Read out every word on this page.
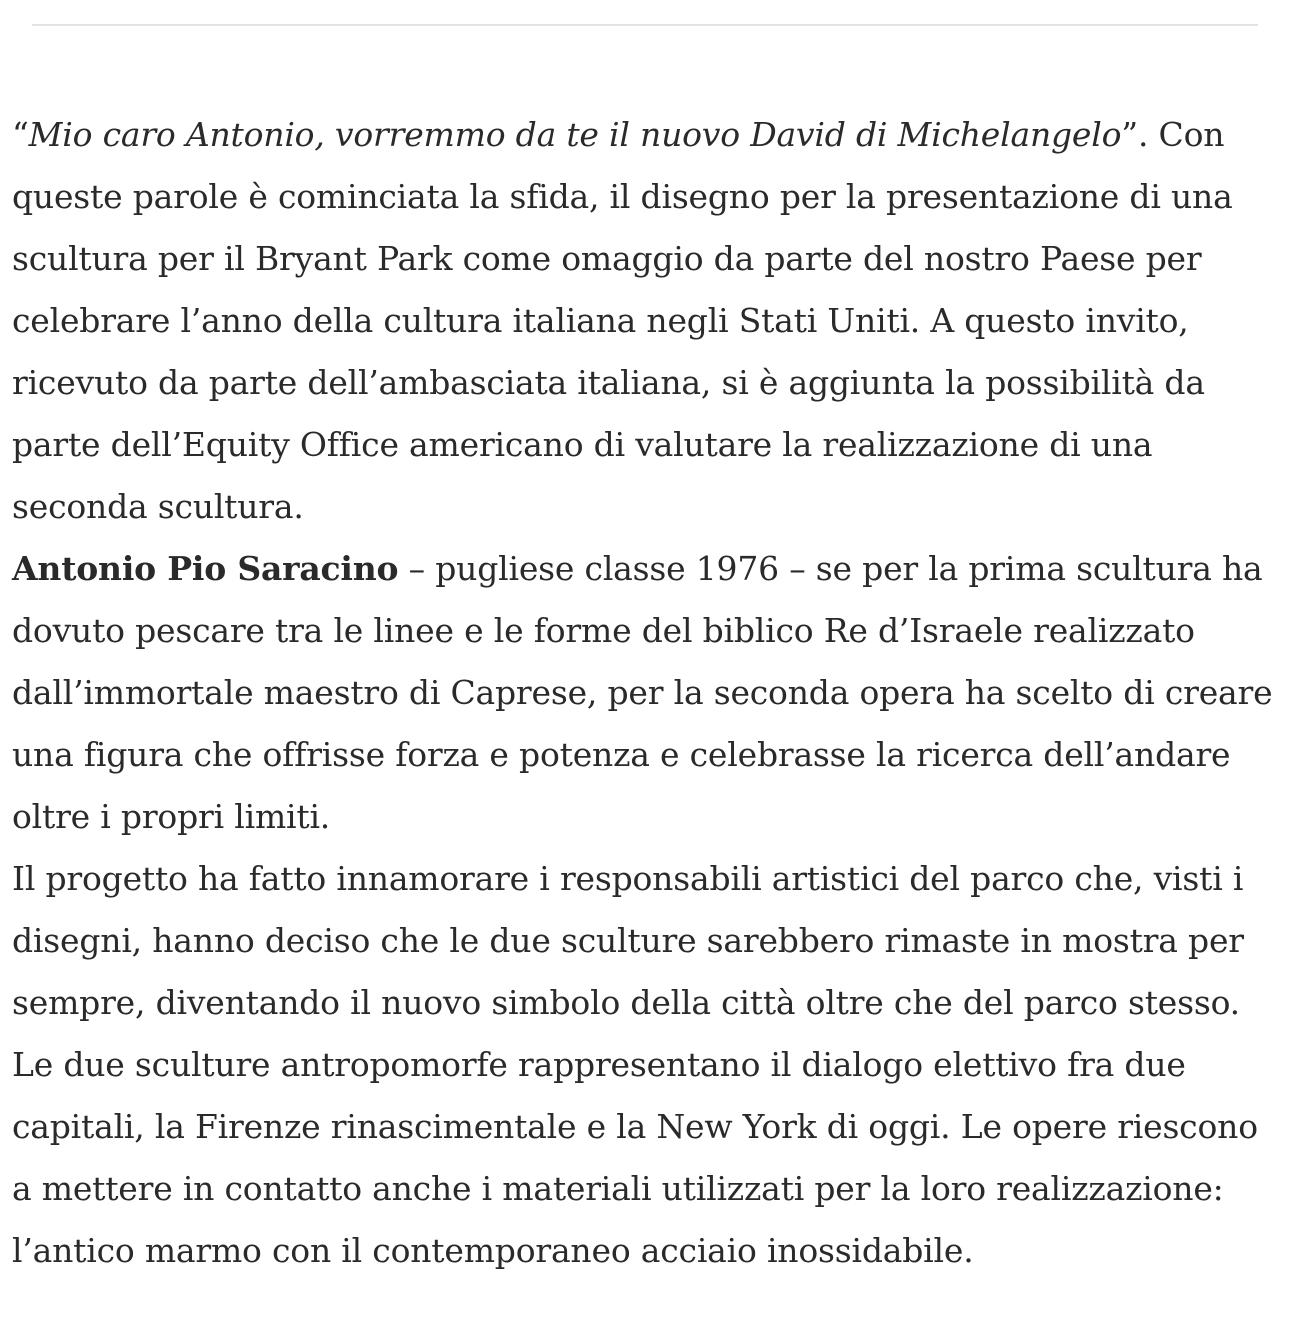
“Mio caro Antonio, vorremmo da te il nuovo David di Michelangelo”. Con queste parole è cominciata la sfida, il disegno per la presentazione di una scultura per il Bryant Park come omaggio da parte del nostro Paese per celebrare l’anno della cultura italiana negli Stati Uniti. A questo invito, ricevuto da parte dell’ambasciata italiana, si è aggiunta la possibilità da parte dell’Equity Office americano di valutare la realizzazione di una seconda scultura.

Antonio Pio Saracino – pugliese classe 1976 – se per la prima scultura ha dovuto pescare tra le linee e le forme del biblico Re d’Israele realizzato dall’immortale maestro di Caprese, per la seconda opera ha scelto di creare una figura che offrisse forza e potenza e celebrasse la ricerca dell’andare oltre i propri limiti.

Il progetto ha fatto innamorare i responsabili artistici del parco che, visti i disegni, hanno deciso che le due sculture sarebbero rimaste in mostra per sempre, diventando il nuovo simbolo della città oltre che del parco stesso. Le due sculture antropomorfe rappresentano il dialogo elettivo fra due capitali, la Firenze rinascimentale e la New York di oggi. Le opere riescono a mettere in contatto anche i materiali utilizzati per la loro realizzazione: l’antico marmo con il contemporaneo acciaio inossidabile.
